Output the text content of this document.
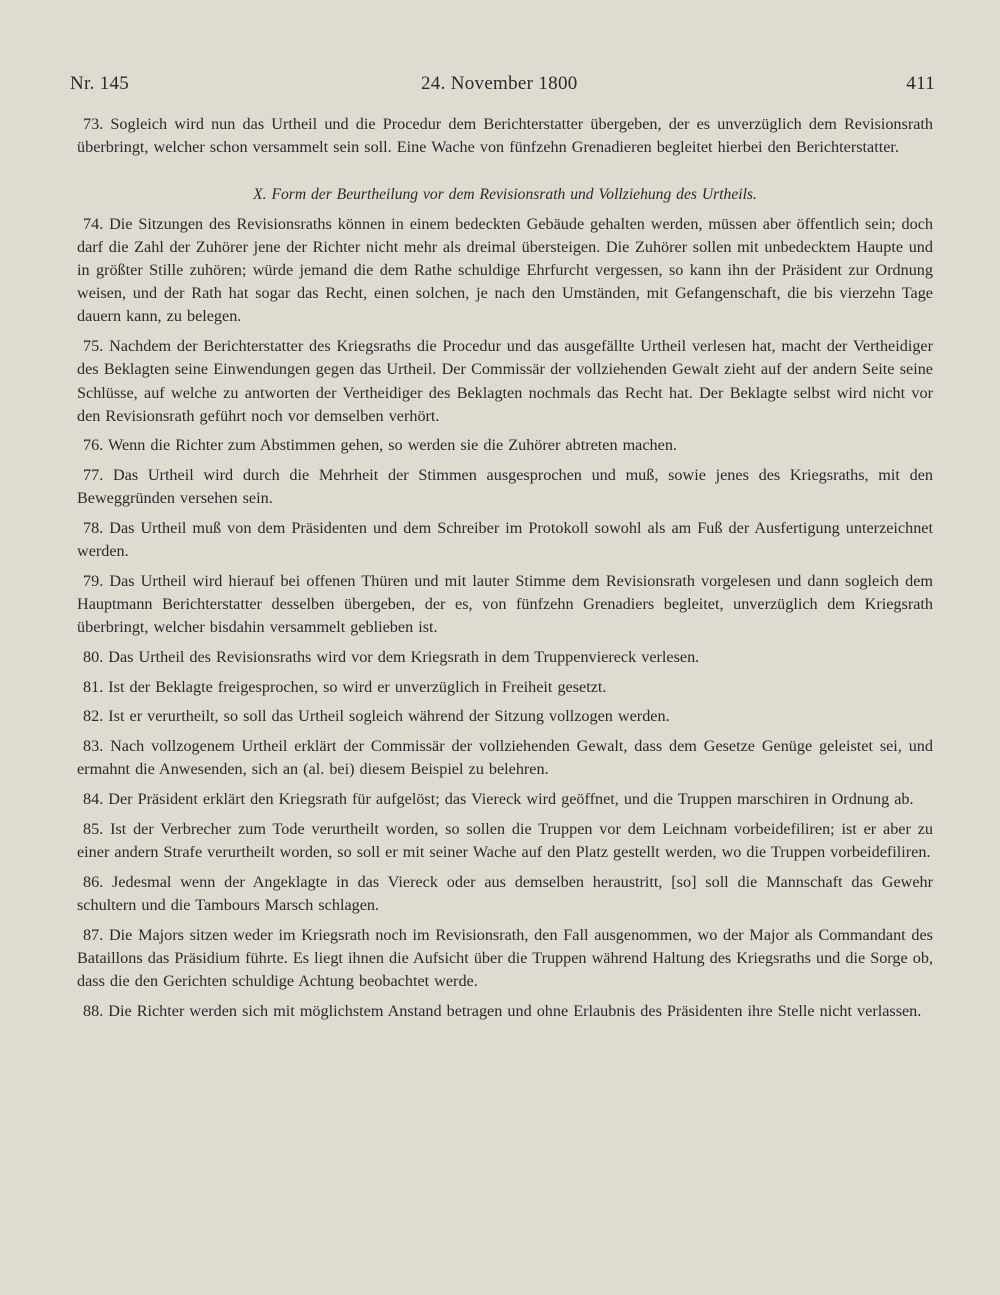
Nr. 145	24. November 1800	411

73. Sogleich wird nun das Urtheil und die Procedur dem Berichterstatter übergeben, der es unverzüglich dem Revisionsrath überbringt, welcher schon versammelt sein soll. Eine Wache von fünfzehn Grenadieren begleitet hierbei den Berichterstatter.

X. Form der Beurtheilung vor dem Revisionsrath und Vollziehung des Urtheils.

74. Die Sitzungen des Revisionsraths können in einem bedeckten Gebäude gehalten werden, müssen aber öffentlich sein; doch darf die Zahl der Zuhörer jene der Richter nicht mehr als dreimal übersteigen. Die Zuhörer sollen mit unbedecktem Haupte und in größter Stille zuhören; würde jemand die dem Rathe schuldige Ehrfurcht vergessen, so kann ihn der Präsident zur Ordnung weisen, und der Rath hat sogar das Recht, einen solchen, je nach den Umständen, mit Gefangenschaft, die bis vierzehn Tage dauern kann, zu belegen.

75. Nachdem der Berichterstatter des Kriegsraths die Procedur und das ausgefällte Urtheil verlesen hat, macht der Vertheidiger des Beklagten seine Einwendungen gegen das Urtheil. Der Commissär der vollziehenden Gewalt zieht auf der andern Seite seine Schlüsse, auf welche zu antworten der Vertheidiger des Beklagten nochmals das Recht hat. Der Beklagte selbst wird nicht vor den Revisionsrath geführt noch vor demselben verhört.

76. Wenn die Richter zum Abstimmen gehen, so werden sie die Zuhörer abtreten machen.

77. Das Urtheil wird durch die Mehrheit der Stimmen ausgesprochen und muß, sowie jenes des Kriegsraths, mit den Beweggründen versehen sein.

78. Das Urtheil muß von dem Präsidenten und dem Schreiber im Protokoll sowohl als am Fuß der Ausfertigung unterzeichnet werden.

79. Das Urtheil wird hierauf bei offenen Thüren und mit lauter Stimme dem Revisionsrath vorgelesen und dann sogleich dem Hauptmann Berichterstatter desselben übergeben, der es, von fünfzehn Grenadiers begleitet, unverzüglich dem Kriegsrath überbringt, welcher bisdahin versammelt geblieben ist.

80. Das Urtheil des Revisionsraths wird vor dem Kriegsrath in dem Truppenviereck verlesen.

81. Ist der Beklagte freigesprochen, so wird er unverzüglich in Freiheit gesetzt.

82. Ist er verurtheilt, so soll das Urtheil sogleich während der Sitzung vollzogen werden.

83. Nach vollzogenem Urtheil erklärt der Commissär der vollziehenden Gewalt, dass dem Gesetze Genüge geleistet sei, und ermahnt die Anwesenden, sich an (al. bei) diesem Beispiel zu belehren.

84. Der Präsident erklärt den Kriegsrath für aufgelöst; das Viereck wird geöffnet, und die Truppen marschiren in Ordnung ab.

85. Ist der Verbrecher zum Tode verurtheilt worden, so sollen die Truppen vor dem Leichnam vorbeidefiliren; ist er aber zu einer andern Strafe verurtheilt worden, so soll er mit seiner Wache auf den Platz gestellt werden, wo die Truppen vorbeidefiliren.

86. Jedesmal wenn der Angeklagte in das Viereck oder aus demselben heraustritt, [so] soll die Mannschaft das Gewehr schultern und die Tambours Marsch schlagen.

87. Die Majors sitzen weder im Kriegsrath noch im Revisionsrath, den Fall ausgenommen, wo der Major als Commandant des Bataillons das Präsidium führte. Es liegt ihnen die Aufsicht über die Truppen während Haltung des Kriegsraths und die Sorge ob, dass die den Gerichten schuldige Achtung beobachtet werde.

88. Die Richter werden sich mit möglichstem Anstand betragen und ohne Erlaubnis des Präsidenten ihre Stelle nicht verlassen.
